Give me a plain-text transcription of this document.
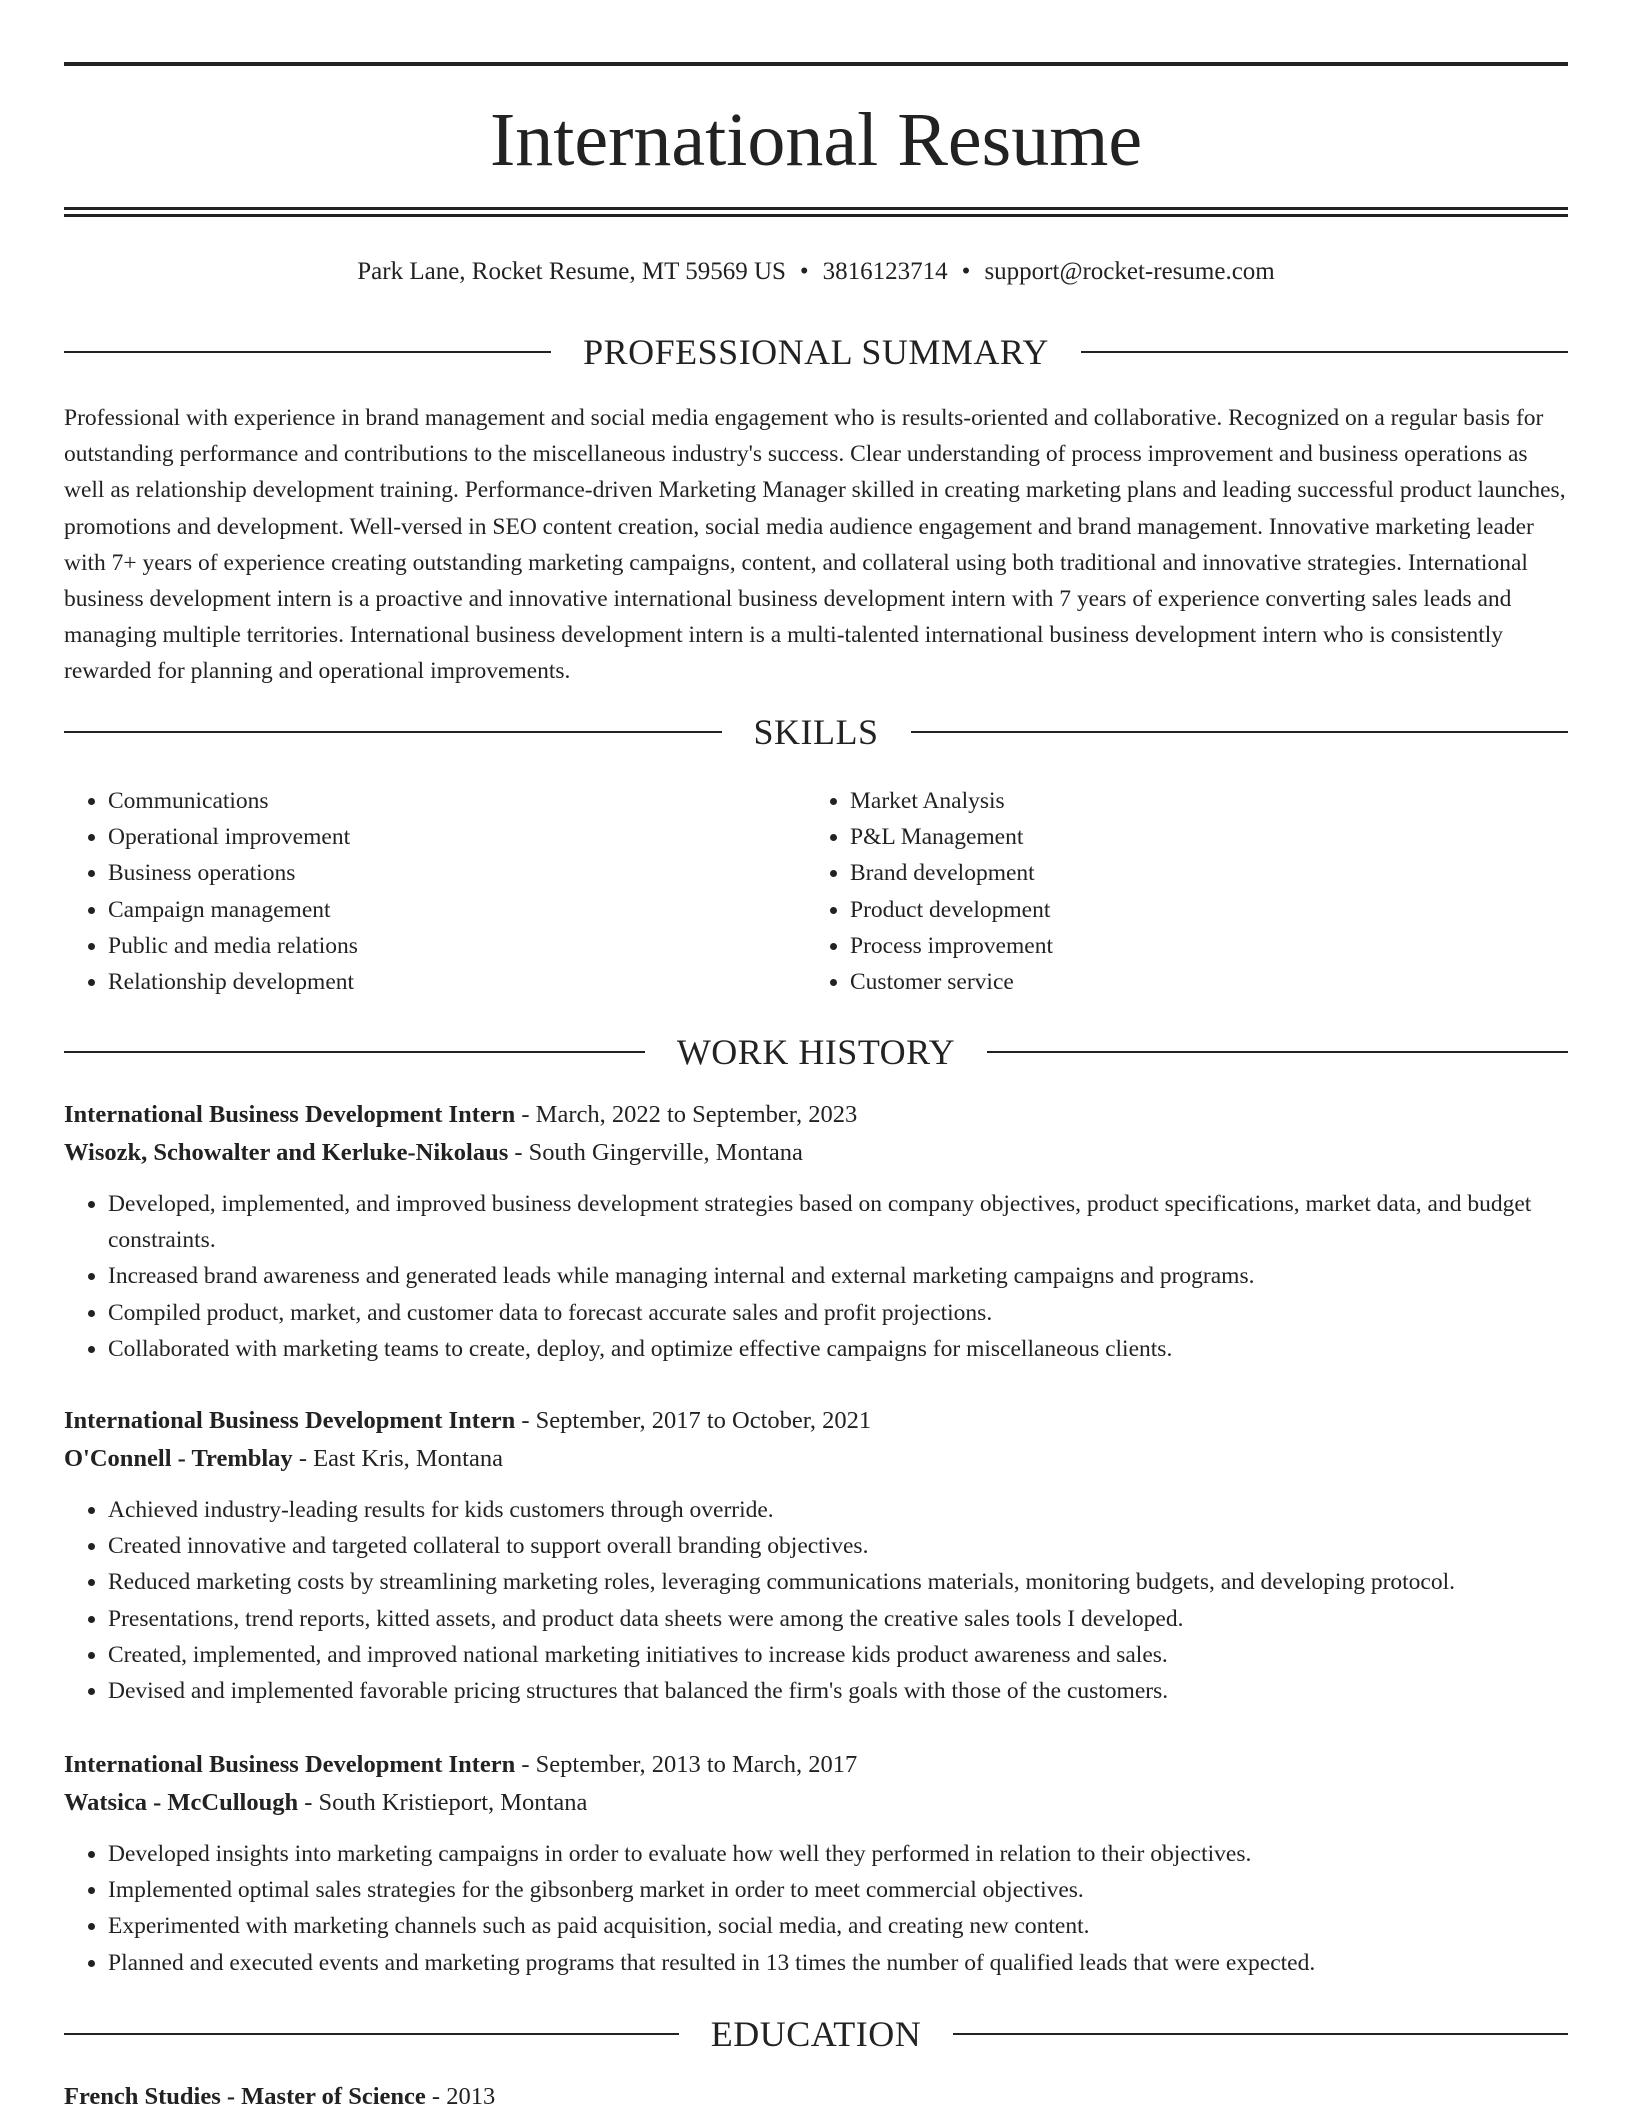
International Resume
Park Lane, Rocket Resume, MT 59569 US • 3816123714 • support@rocket-resume.com
PROFESSIONAL SUMMARY

Professional with experience in brand management and social media engagement who is results-oriented and collaborative. Recognized on a regular basis for outstanding performance and contributions to the miscellaneous industry's success. Clear understanding of process improvement and business operations as well as relationship development training. Performance-driven Marketing Manager skilled in creating marketing plans and leading successful product launches, promotions and development. Well-versed in SEO content creation, social media audience engagement and brand management. Innovative marketing leader with 7+ years of experience creating outstanding marketing campaigns, content, and collateral using both traditional and innovative strategies. International business development intern is a proactive and innovative international business development intern with 7 years of experience converting sales leads and managing multiple territories. International business development intern is a multi-talented international business development intern who is consistently rewarded for planning and operational improvements.

SKILLS
• Communications
• Operational improvement
• Business operations
• Campaign management
• Public and media relations
• Relationship development
• Market Analysis
• P&L Management
• Brand development
• Product development
• Process improvement
• Customer service
WORK HISTORY
International Business Development Intern - March, 2022 to September, 2023
Wisozk, Schowalter and Kerluke-Nikolaus - South Gingerville, Montana
• Developed, implemented, and improved business development strategies based on company objectives, product specifications, market data, and budget constraints.
• Increased brand awareness and generated leads while managing internal and external marketing campaigns and programs.
• Compiled product, market, and customer data to forecast accurate sales and profit projections.
• Collaborated with marketing teams to create, deploy, and optimize effective campaigns for miscellaneous clients.
International Business Development Intern - September, 2017 to October, 2021
O'Connell - Tremblay - East Kris, Montana
• Achieved industry-leading results for kids customers through override.
• Created innovative and targeted collateral to support overall branding objectives.
• Reduced marketing costs by streamlining marketing roles, leveraging communications materials, monitoring budgets, and developing protocol.
• Presentations, trend reports, kitted assets, and product data sheets were among the creative sales tools I developed.
• Created, implemented, and improved national marketing initiatives to increase kids product awareness and sales.
• Devised and implemented favorable pricing structures that balanced the firm's goals with those of the customers.
International Business Development Intern - September, 2013 to March, 2017
Watsica - McCullough - South Kristieport, Montana
• Developed insights into marketing campaigns in order to evaluate how well they performed in relation to their objectives.
• Implemented optimal sales strategies for the gibsonberg market in order to meet commercial objectives.
• Experimented with marketing channels such as paid acquisition, social media, and creating new content.
• Planned and executed events and marketing programs that resulted in 13 times the number of qualified leads that were expected.
EDUCATION
French Studies - Master of Science - 2013
